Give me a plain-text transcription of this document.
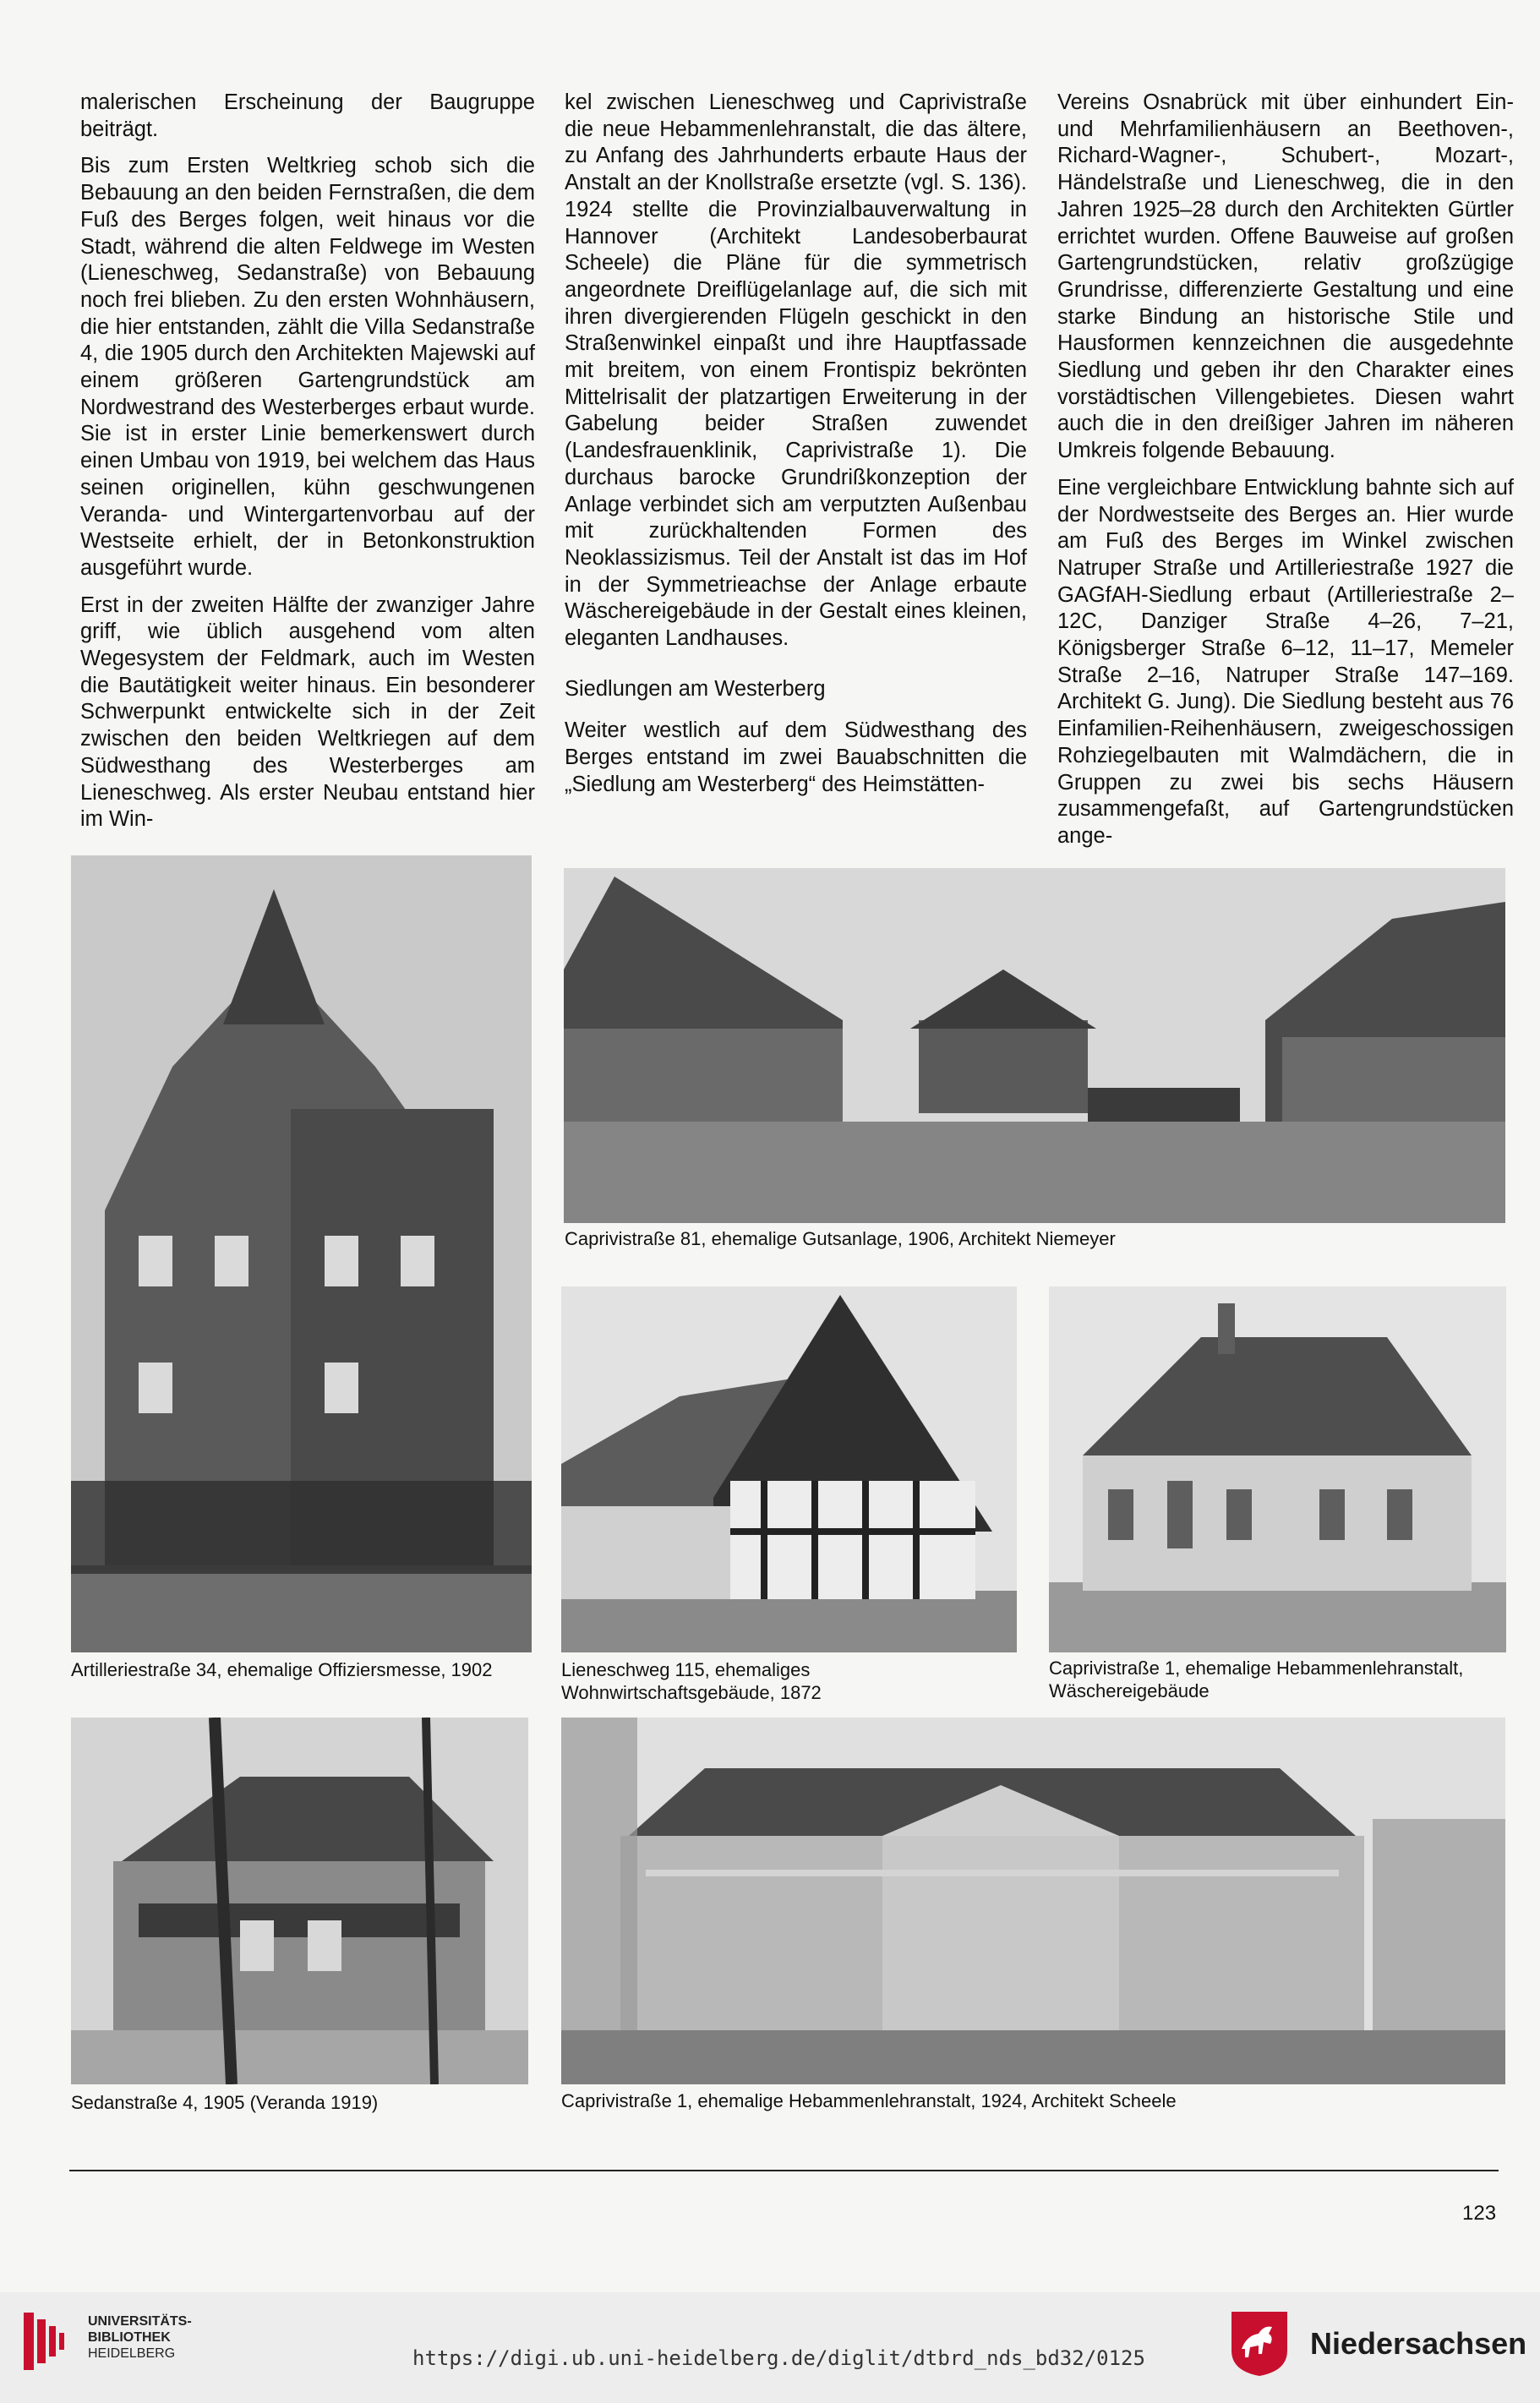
malerischen Erscheinung der Baugruppe beiträgt.

Bis zum Ersten Weltkrieg schob sich die Bebauung an den beiden Fernstraßen, die dem Fuß des Berges folgen, weit hinaus vor die Stadt, während die alten Feldwege im Westen (Lieneschweg, Sedanstraße) von Bebauung noch frei blieben. Zu den ersten Wohnhäusern, die hier entstanden, zählt die Villa Sedanstraße 4, die 1905 durch den Architekten Majewski auf einem größeren Gartengrundstück am Nordwestrand des Westerberges erbaut wurde. Sie ist in erster Linie bemerkenswert durch einen Umbau von 1919, bei welchem das Haus seinen originellen, kühn geschwungenen Veranda- und Wintergartenvorbau auf der Westseite erhielt, der in Betonkonstruktion ausgeführt wurde.

Erst in der zweiten Hälfte der zwanziger Jahre griff, wie üblich ausgehend vom alten Wegesystem der Feldmark, auch im Westen die Bautätigkeit weiter hinaus. Ein besonderer Schwerpunkt entwickelte sich in der Zeit zwischen den beiden Weltkriegen auf dem Südwesthang des Westerberges am Lieneschweg. Als erster Neubau entstand hier im Win-

kel zwischen Lieneschweg und Caprivistraße die neue Hebammenlehranstalt, die das ältere, zu Anfang des Jahrhunderts erbaute Haus der Anstalt an der Knollstraße ersetzte (vgl. S. 136). 1924 stellte die Provinzialbauverwaltung in Hannover (Architekt Landesoberbaurat Scheele) die Pläne für die symmetrisch angeordnete Dreiflügelanlage auf, die sich mit ihren divergierenden Flügeln geschickt in den Straßenwinkel einpaßt und ihre Hauptfassade mit breitem, von einem Frontispiz bekrönten Mittelrisalit der platzartigen Erweiterung in der Gabelung beider Straßen zuwendet (Landesfrauenklinik, Caprivistraße 1). Die durchaus barocke Grundrißkonzeption der Anlage verbindet sich am verputzten Außenbau mit zurückhaltenden Formen des Neoklassizismus. Teil der Anstalt ist das im Hof in der Symmetrieachse der Anlage erbaute Wäschereigebäude in der Gestalt eines kleinen, eleganten Landhauses.

Siedlungen am Westerberg

Weiter westlich auf dem Südwesthang des Berges entstand im zwei Bauabschnitten die „Siedlung am Westerberg“ des Heimstätten-

Vereins Osnabrück mit über einhundert Ein- und Mehrfamilienhäusern an Beethoven-, Richard-Wagner-, Schubert-, Mozart-, Händelstraße und Lieneschweg, die in den Jahren 1925–28 durch den Architekten Gürtler errichtet wurden. Offene Bauweise auf großen Gartengrundstücken, relativ großzügige Grundrisse, differenzierte Gestaltung und eine starke Bindung an historische Stile und Hausformen kennzeichnen die ausgedehnte Siedlung und geben ihr den Charakter eines vorstädtischen Villengebietes. Diesen wahrt auch die in den dreißiger Jahren im näheren Umkreis folgende Bebauung.

Eine vergleichbare Entwicklung bahnte sich auf der Nordwestseite des Berges an. Hier wurde am Fuß des Berges im Winkel zwischen Natruper Straße und Artilleriestraße 1927 die GAGfAH-Siedlung erbaut (Artilleriestraße 2–12C, Danziger Straße 4–26, 7–21, Königsberger Straße 6–12, 11–17, Memeler Straße 2–16, Natruper Straße 147–169. Architekt G. Jung). Die Siedlung besteht aus 76 Einfamilien-Reihenhäusern, zweigeschossigen Rohziegelbauten mit Walmdächern, die in Gruppen zu zwei bis sechs Häusern zusammengefaßt, auf Gartengrundstücken ange-

Caprivistraße 81, ehemalige Gutsanlage, 1906, Architekt Niemeyer
Artilleriestraße 34, ehemalige Offiziersmesse, 1902	Lieneschweg 115, ehemaliges Wohnwirtschaftsgebäude, 1872
Caprivistraße 1, ehemalige Hebammenlehranstalt, Wäschereigebäude
Sedanstraße 4, 1905 (Veranda 1919)	Caprivistraße 1, ehemalige Hebammenlehranstalt, 1924, Architekt Scheele
123
UNIVERSITÄTS-
BIBLIOTHEK
HEIDELBERG	https://digi.ub.uni-heidelberg.de/diglit/dtbrd_nds_bd32/0125	Niedersachsen
